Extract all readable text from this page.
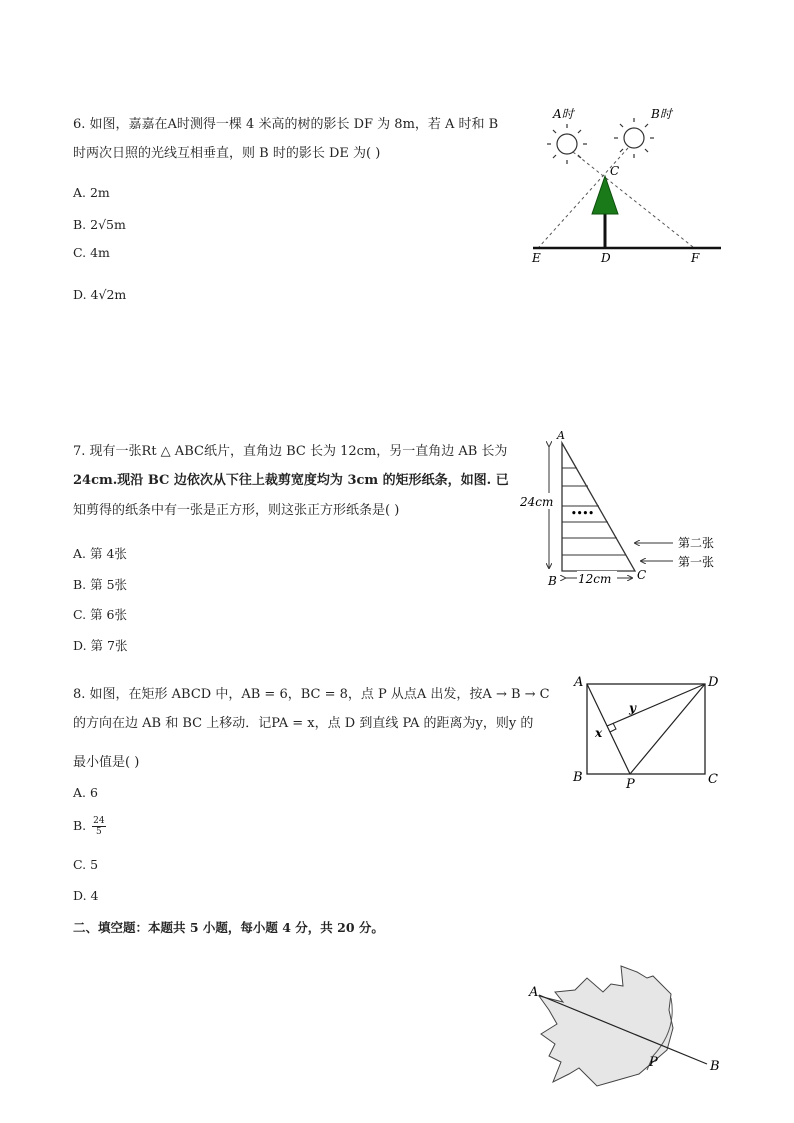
6. 如图，嘉嘉在A时测得一棵 4 米高的树的影长 DF 为 8m，若 A 时和 B
时两次日照的光线互相垂直，则 B 时的影长 DE 为( )
A. 2m
B. 2√5m
C. 4m
D. 4√2m
A时	B时
C
E	D	F
7. 现有一张Rt △ ABC纸片，直角边 BC 长为 12cm，另一直角边 AB 长为
24cm.现沿 BC 边依次从下往上裁剪宽度均为 3cm 的矩形纸条，如图. 已
知剪得的纸条中有一张是正方形，则这张正方形纸条是( )
A. 第 4张
B. 第 5张
C. 第 6张
D. 第 7张
••••
24cm
12cm
A
B	C
第二张
第一张
8. 如图，在矩形 ABCD 中，AB = 6，BC = 8，点 P 从点A 出发，按A → B → C
的方向在边 AB 和 BC 上移动．记PA = x，点 D 到直线 PA 的距离为y，则y 的
最小值是( )
A. 6
B. $\frac{24}{5}$
C. 5
D. 4
A	D
B	C
P
x
y
二、填空题：本题共 5 小题，每小题 4 分，共 20 分。
A
P	B
